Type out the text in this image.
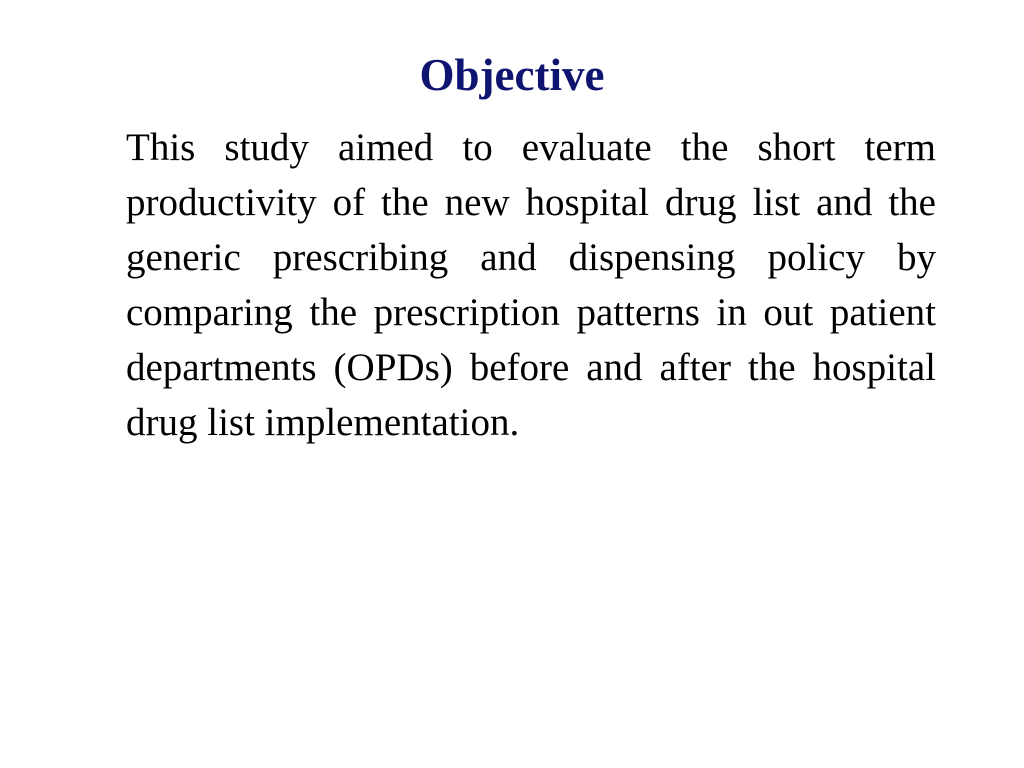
Objective

This study aimed to evaluate the short term productivity of the new hospital drug list and the generic prescribing and dispensing policy by comparing the prescription patterns in out patient departments (OPDs) before and after the hospital drug list implementation.
